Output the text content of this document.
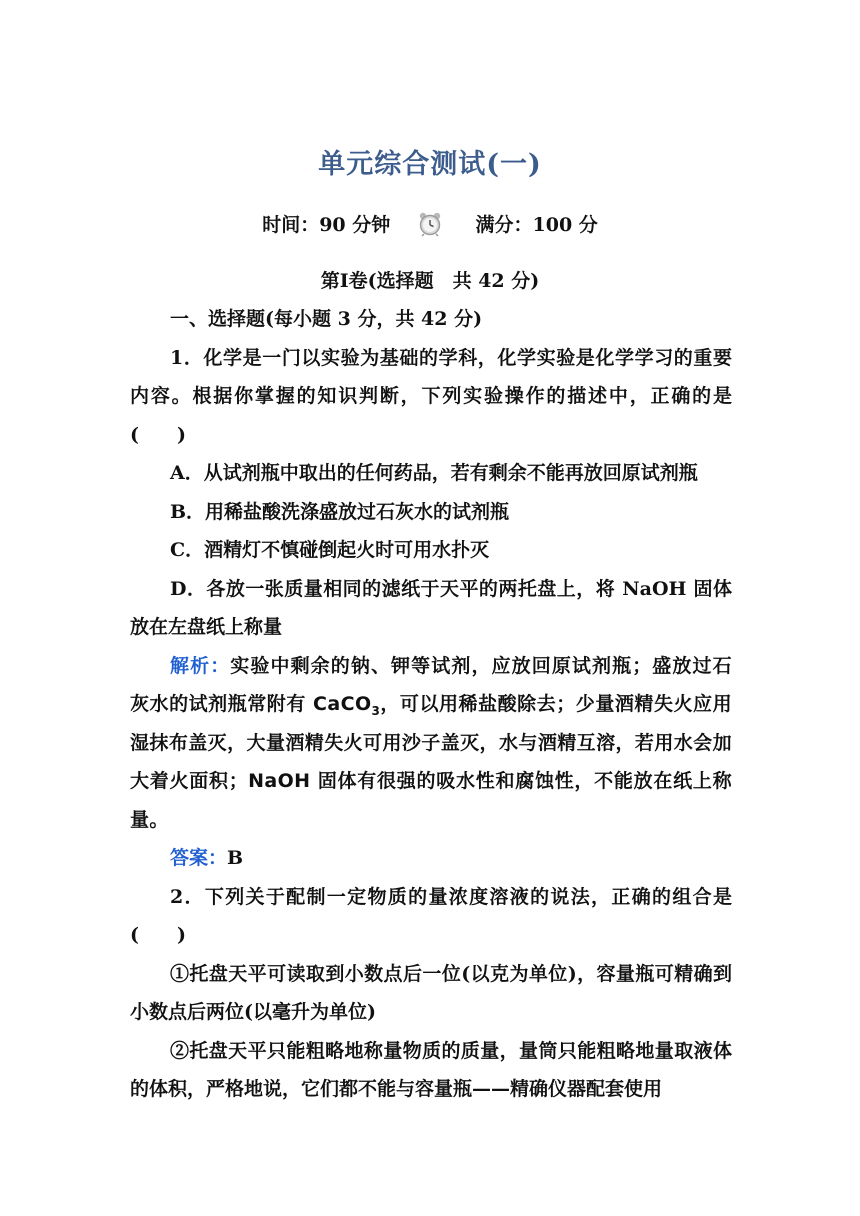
单元综合测试(一)
时间：90 分钟	满分：100 分
第Ⅰ卷(选择题　共 42 分)

一、选择题(每小题 3 分，共 42 分)

1．化学是一门以实验为基础的学科，化学实验是化学学习的重要内容。根据你掌握的知识判断，下列实验操作的描述中，正确的是(　　)

A．从试剂瓶中取出的任何药品，若有剩余不能再放回原试剂瓶

B．用稀盐酸洗涤盛放过石灰水的试剂瓶

C．酒精灯不慎碰倒起火时可用水扑灭

D．各放一张质量相同的滤纸于天平的两托盘上，将 NaOH 固体放在左盘纸上称量

解析：实验中剩余的钠、钾等试剂，应放回原试剂瓶；盛放过石灰水的试剂瓶常附有 CaCO$_3$，可以用稀盐酸除去；少量酒精失火应用湿抹布盖灭，大量酒精失火可用沙子盖灭，水与酒精互溶，若用水会加大着火面积；NaOH 固体有很强的吸水性和腐蚀性，不能放在纸上称量。

答案：B

2．下列关于配制一定物质的量浓度溶液的说法，正确的组合是(　　)

①托盘天平可读取到小数点后一位(以克为单位)，容量瓶可精确到小数点后两位(以毫升为单位)

②托盘天平只能粗略地称量物质的质量，量筒只能粗略地量取液体的体积，严格地说，它们都不能与容量瓶——精确仪器配套使用
